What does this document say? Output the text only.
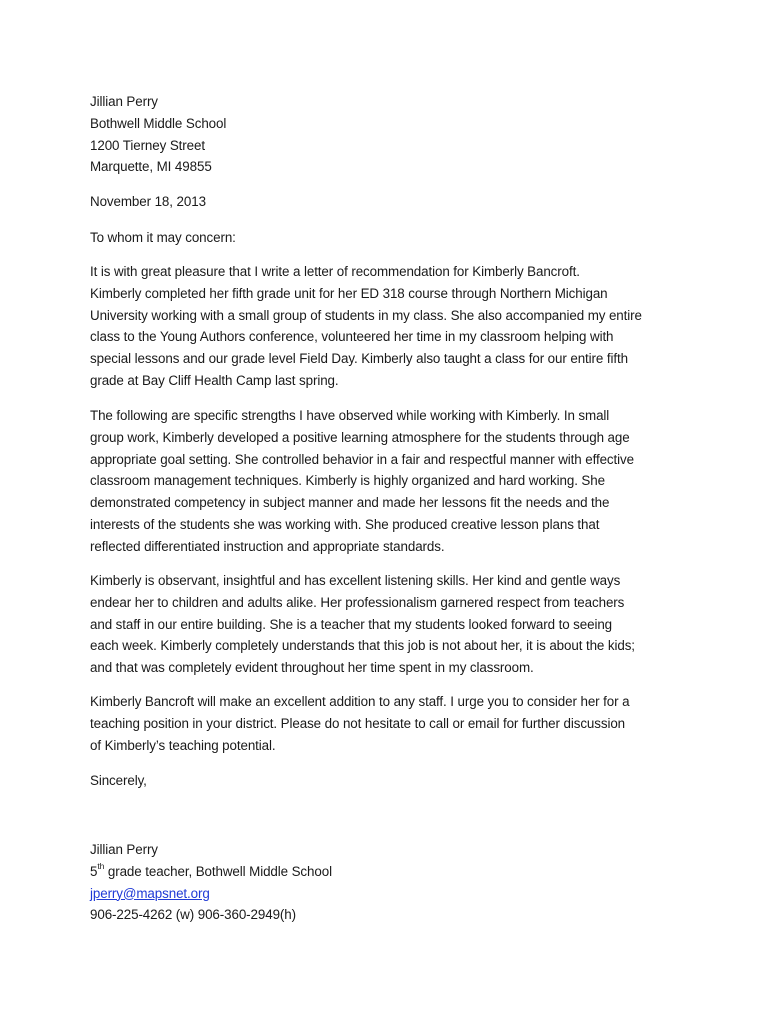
Jillian Perry
Bothwell Middle School
1200 Tierney Street
Marquette, MI 49855
November 18, 2013
To whom it may concern:
It is with great pleasure that I write a letter of recommendation for Kimberly Bancroft.
Kimberly completed her fifth grade unit for her ED 318 course through Northern Michigan
University working with a small group of students in my class. She also accompanied my entire
class to the Young Authors conference, volunteered her time in my classroom helping with
special lessons and our grade level Field Day. Kimberly also taught a class for our entire fifth
grade at Bay Cliff Health Camp last spring.
The following are specific strengths I have observed while working with Kimberly. In small
group work, Kimberly developed a positive learning atmosphere for the students through age
appropriate goal setting. She controlled behavior in a fair and respectful manner with effective
classroom management techniques. Kimberly is highly organized and hard working. She
demonstrated competency in subject manner and made her lessons fit the needs and the
interests of the students she was working with. She produced creative lesson plans that
reflected differentiated instruction and appropriate standards.
Kimberly is observant, insightful and has excellent listening skills. Her kind and gentle ways
endear her to children and adults alike. Her professionalism garnered respect from teachers
and staff in our entire building. She is a teacher that my students looked forward to seeing
each week. Kimberly completely understands that this job is not about her, it is about the kids;
and that was completely evident throughout her time spent in my classroom.
Kimberly Bancroft will make an excellent addition to any staff. I urge you to consider her for a
teaching position in your district. Please do not hesitate to call or email for further discussion
of Kimberly’s teaching potential.
Sincerely,
Jillian Perry
5th grade teacher, Bothwell Middle School
jperry@mapsnet.org
906-225-4262 (w) 906-360-2949(h)
